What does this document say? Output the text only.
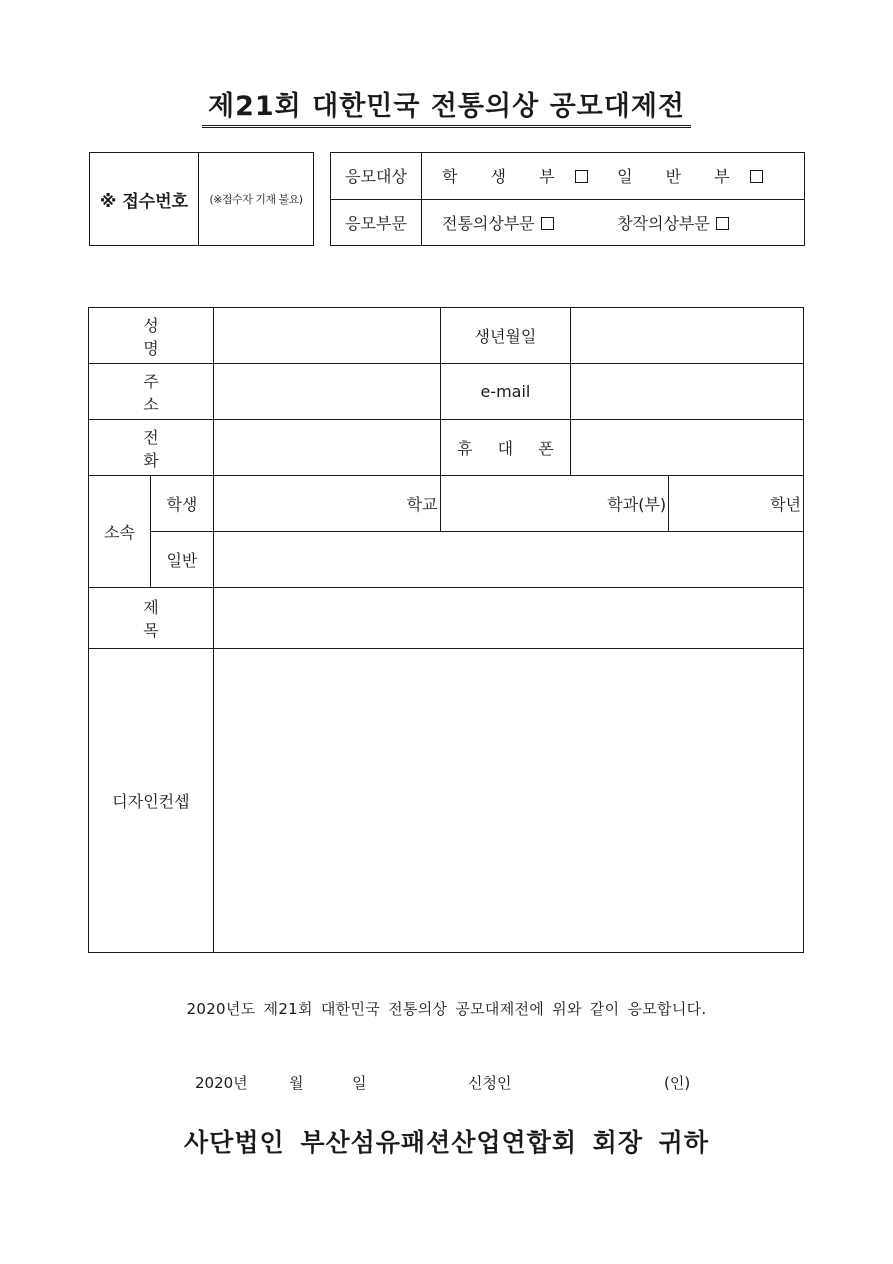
제21회 대한민국 전통의상 공모대제전
※ 접수번호	(※접수자 기재 불요)
응모대상	학 생 부 일 반 부
응모부문	전통의상부문 창작의상부문
성 명			생년월일		
주 소			e-mail		
전 화			휴 대 폰		
소속	학생	학교	학과(부)		학년
	일반				
제 목					
디자인컨셉					
2020년도 제21회 대한민국 전통의상 공모대제전에 위와 같이 응모합니다.
2020년	월	일	신청인	(인)
사단법인 부산섬유패션산업연합회 회장 귀하
